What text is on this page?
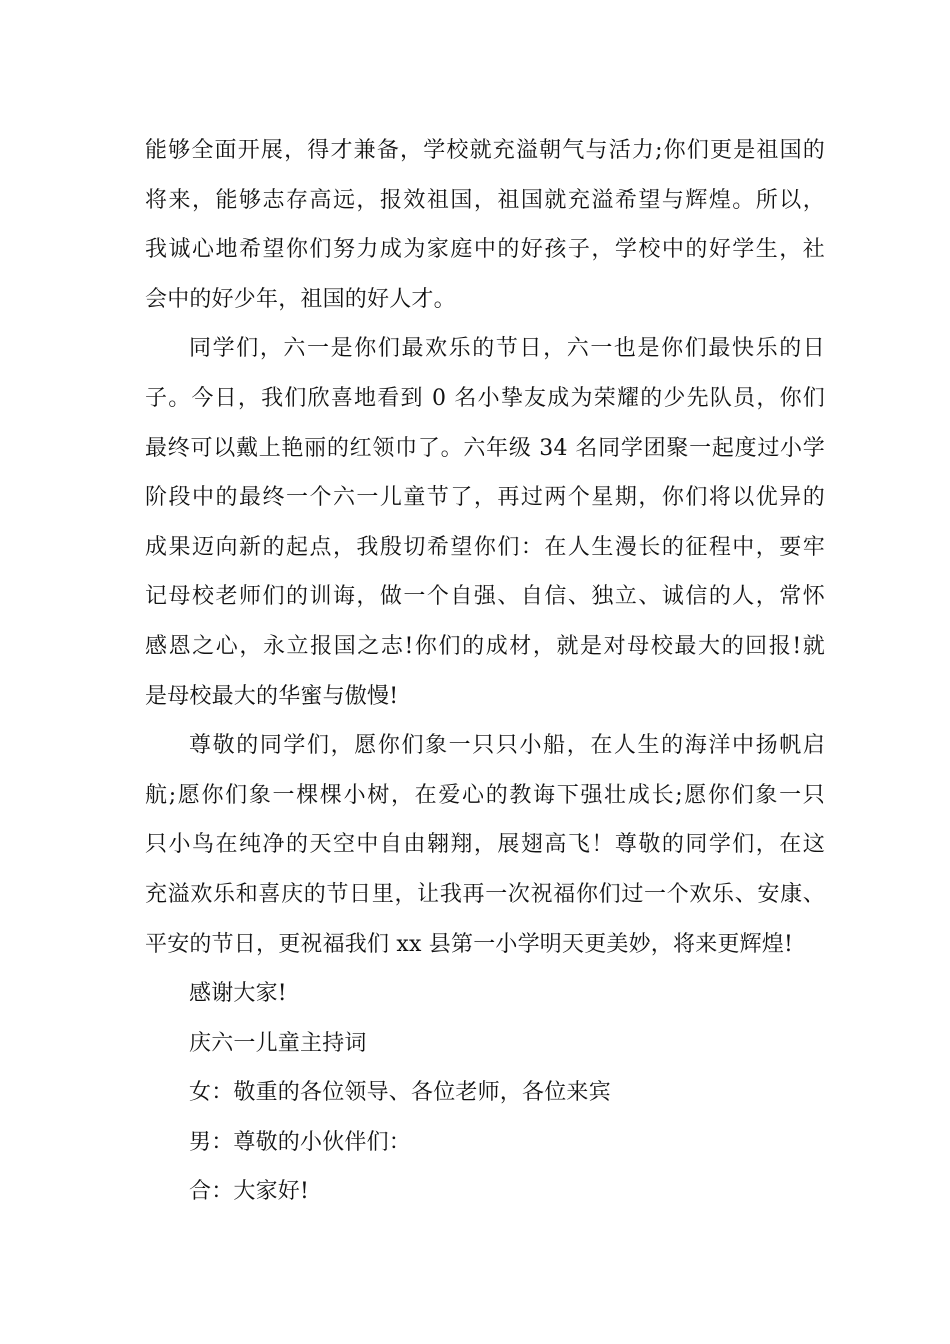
能够全面开展，得才兼备，学校就充溢朝气与活力;你们更是祖国的
将来，能够志存高远，报效祖国，祖国就充溢希望与辉煌。所以，
我诚心地希望你们努力成为家庭中的好孩子，学校中的好学生，社
会中的好少年，祖国的好人才。
同学们，六一是你们最欢乐的节日，六一也是你们最快乐的日
子。今日，我们欣喜地看到 0 名小挚友成为荣耀的少先队员，你们
最终可以戴上艳丽的红领巾了。六年级 34 名同学团聚一起度过小学
阶段中的最终一个六一儿童节了，再过两个星期，你们将以优异的
成果迈向新的起点，我殷切希望你们：在人生漫长的征程中，要牢
记母校老师们的训诲，做一个自强、自信、独立、诚信的人，常怀
感恩之心，永立报国之志!你们的成材，就是对母校最大的回报!就
是母校最大的华蜜与傲慢!
尊敬的同学们，愿你们象一只只小船，在人生的海洋中扬帆启
航;愿你们象一棵棵小树，在爱心的教诲下强壮成长;愿你们象一只
只小鸟在纯净的天空中自由翱翔，展翅高飞！尊敬的同学们，在这
充溢欢乐和喜庆的节日里，让我再一次祝福你们过一个欢乐、安康、
平安的节日，更祝福我们 xx 县第一小学明天更美妙，将来更辉煌!
感谢大家!
庆六一儿童主持词
女：敬重的各位领导、各位老师，各位来宾
男：尊敬的小伙伴们：
合：大家好!
